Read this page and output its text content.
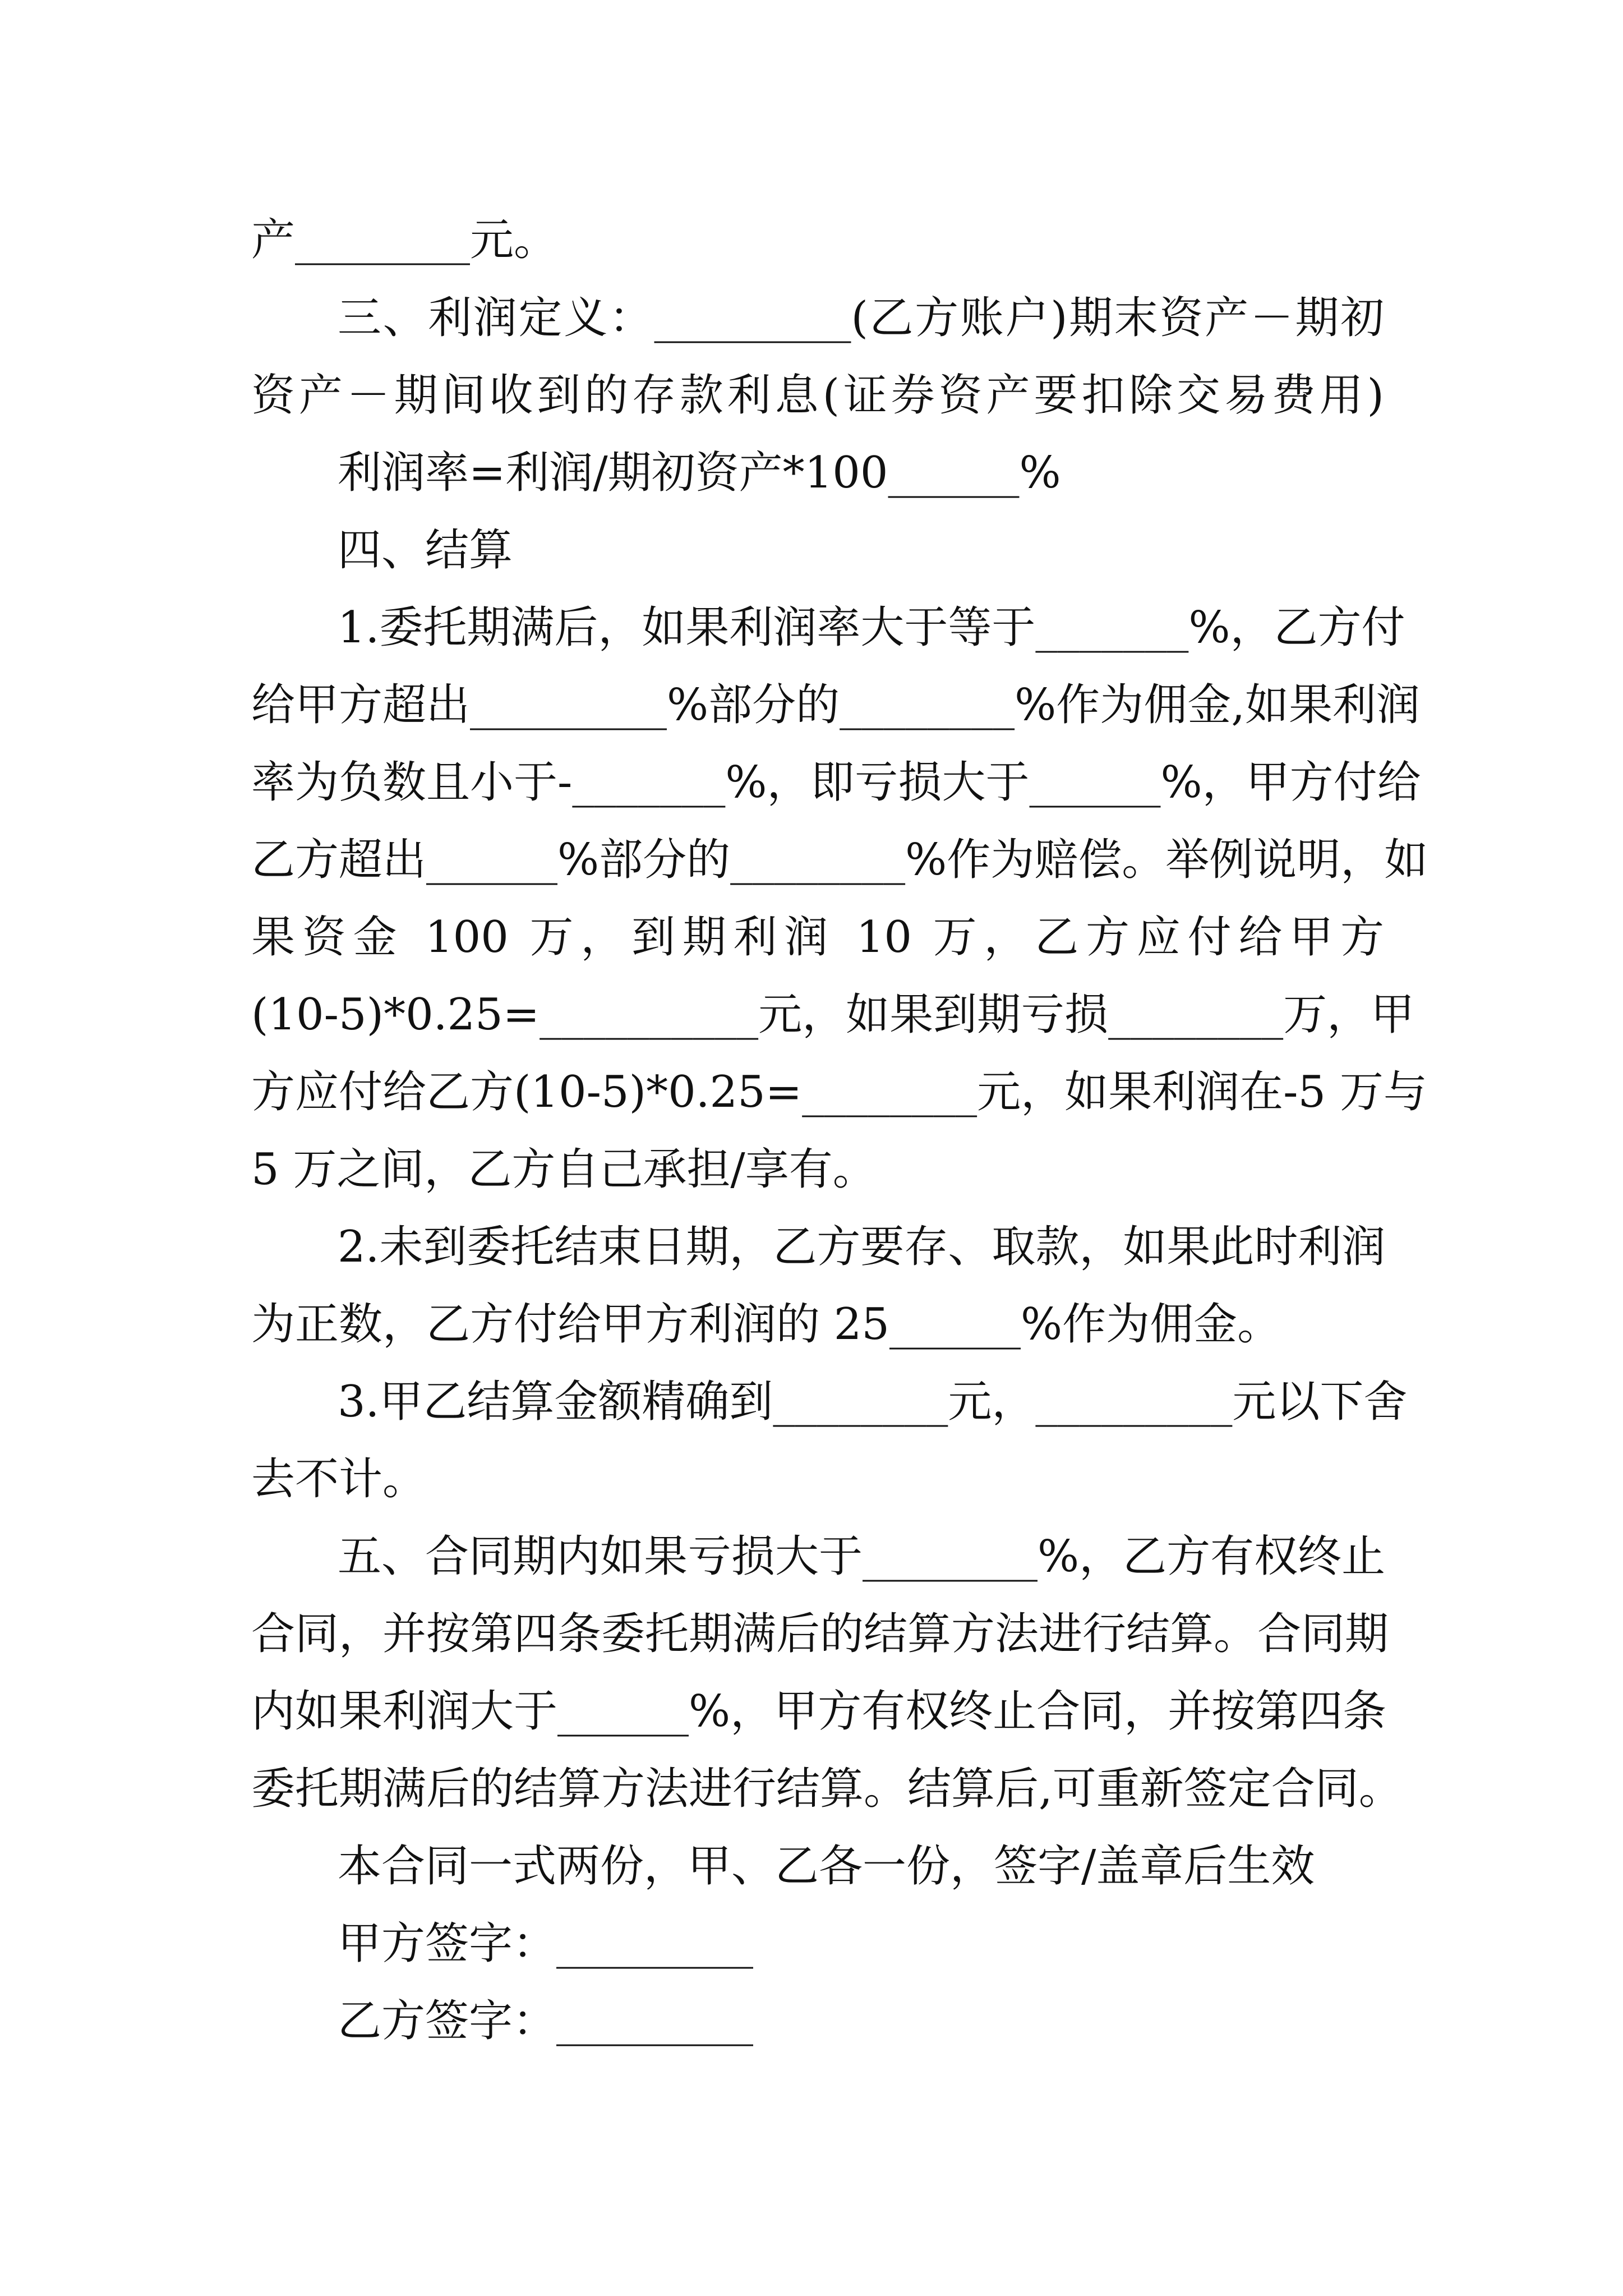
产________元。
三、利润定义：_________(乙方账户)期末资产－期初
资产－期间收到的存款利息(证券资产要扣除交易费用)
利润率=利润/期初资产*100______%
四、结算
1.委托期满后，如果利润率大于等于_______%，乙方付
给甲方超出_________%部分的________%作为佣金,如果利润
率为负数且小于-_______%，即亏损大于______%，甲方付给
乙方超出______%部分的________%作为赔偿。举例说明，如
果资金 100 万，到期利润 10 万，乙方应付给甲方
(10-5)*0.25=__________元，如果到期亏损________万，甲
方应付给乙方(10-5)*0.25=________元，如果利润在-5 万与
5 万之间，乙方自己承担/享有。
2.未到委托结束日期，乙方要存、取款，如果此时利润
为正数，乙方付给甲方利润的 25______%作为佣金。
3.甲乙结算金额精确到________元，_________元以下舍
去不计。
五、合同期内如果亏损大于________%，乙方有权终止
合同，并按第四条委托期满后的结算方法进行结算。合同期
内如果利润大于______%，甲方有权终止合同，并按第四条
委托期满后的结算方法进行结算。结算后,可重新签定合同。
本合同一式两份，甲、乙各一份，签字/盖章后生效
甲方签字：_________
乙方签字：_________
